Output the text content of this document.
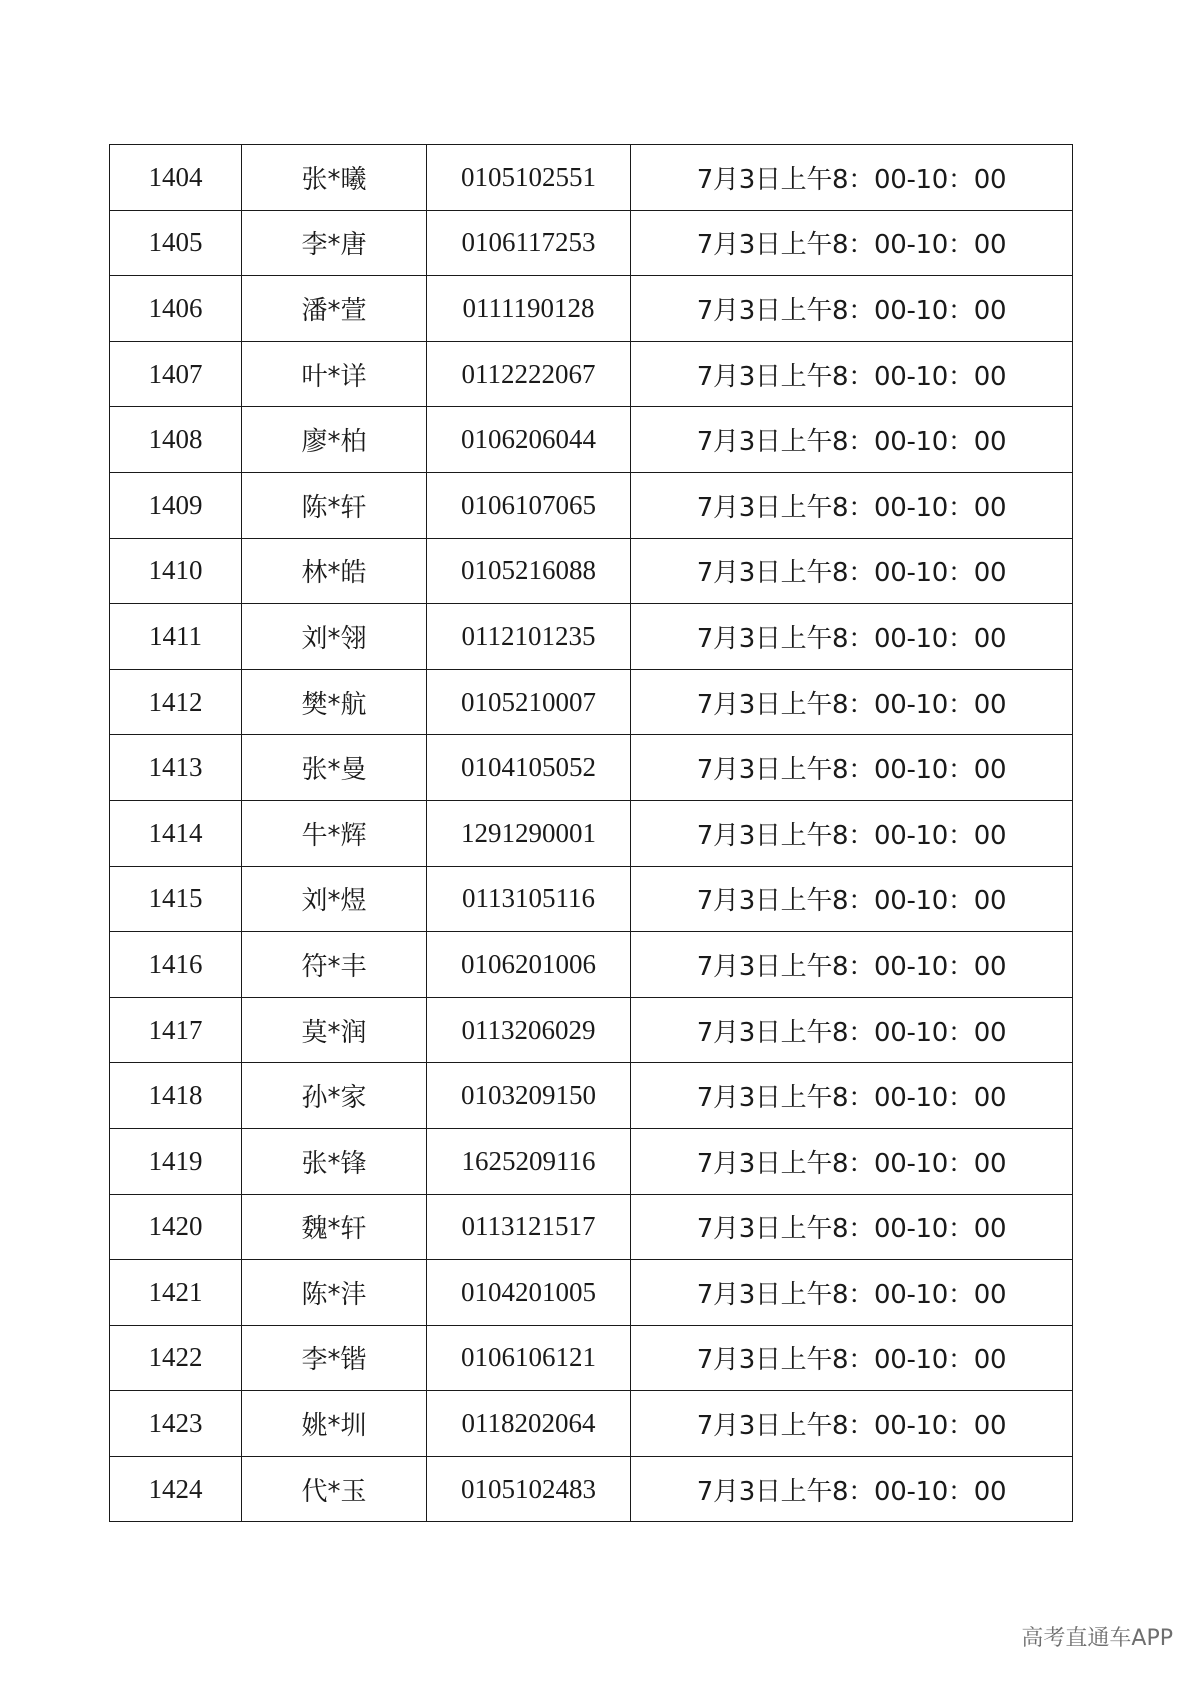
1404	张*曦	0105102551	7月3日上午8：00-10：00
1405	李*唐	0106117253	7月3日上午8：00-10：00
1406	潘*萱	0111190128	7月3日上午8：00-10：00
1407	叶*详	0112222067	7月3日上午8：00-10：00
1408	廖*柏	0106206044	7月3日上午8：00-10：00
1409	陈*轩	0106107065	7月3日上午8：00-10：00
1410	林*皓	0105216088	7月3日上午8：00-10：00
1411	刘*翎	0112101235	7月3日上午8：00-10：00
1412	樊*航	0105210007	7月3日上午8：00-10：00
1413	张*曼	0104105052	7月3日上午8：00-10：00
1414	牛*辉	1291290001	7月3日上午8：00-10：00
1415	刘*煜	0113105116	7月3日上午8：00-10：00
1416	符*丰	0106201006	7月3日上午8：00-10：00
1417	莫*润	0113206029	7月3日上午8：00-10：00
1418	孙*家	0103209150	7月3日上午8：00-10：00
1419	张*锋	1625209116	7月3日上午8：00-10：00
1420	魏*轩	0113121517	7月3日上午8：00-10：00
1421	陈*沣	0104201005	7月3日上午8：00-10：00
1422	李*锴	0106106121	7月3日上午8：00-10：00
1423	姚*圳	0118202064	7月3日上午8：00-10：00
1424	代*玉	0105102483	7月3日上午8：00-10：00
高考直通车APP
